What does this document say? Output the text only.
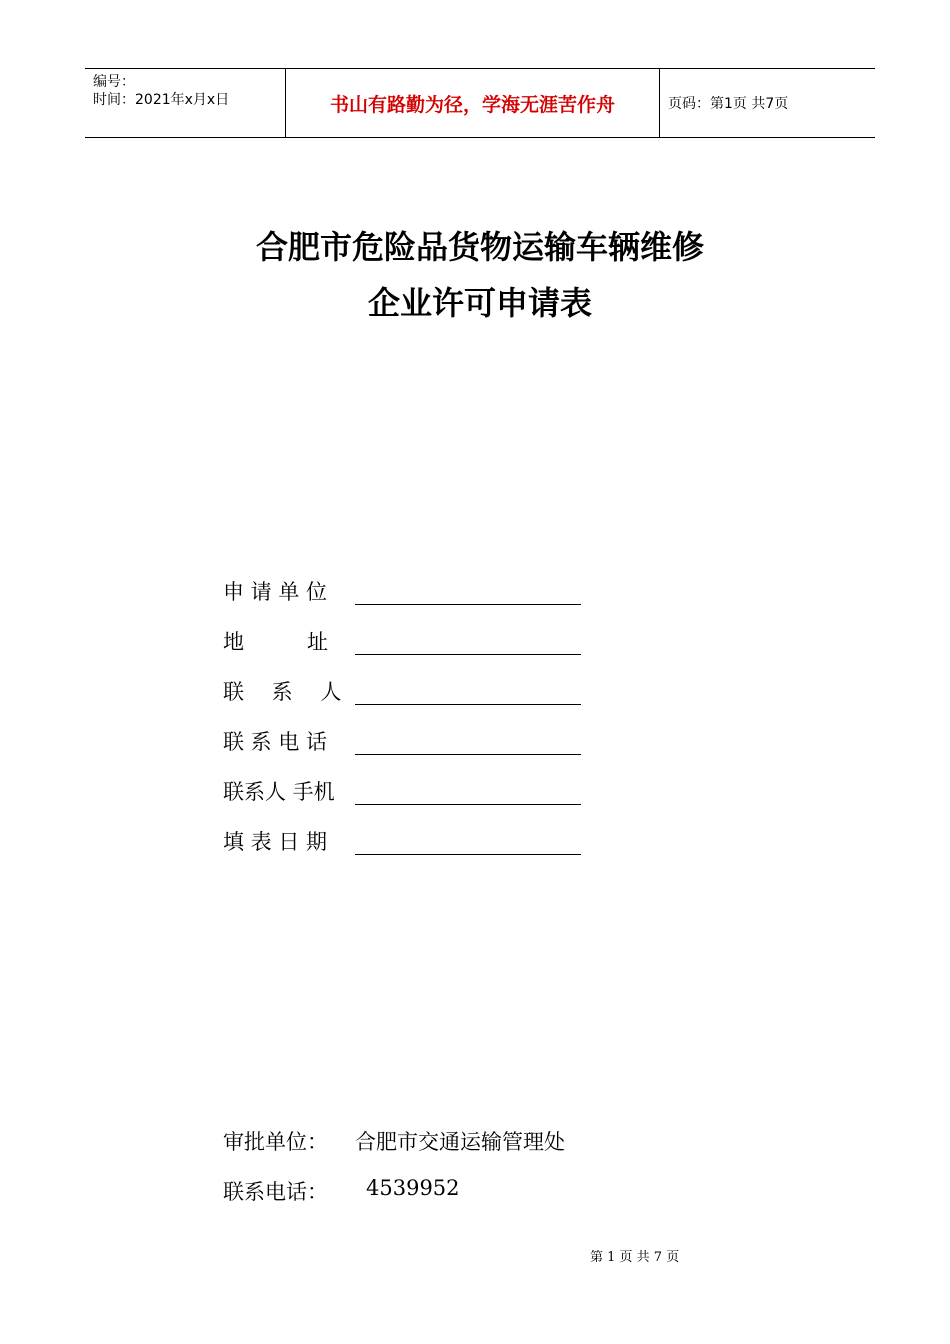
编号：
时间：2021年x月x日	书山有路勤为径，学海无涯苦作舟	页码：第1页 共7页
合肥市危险品货物运输车辆维修
企业许可申请表
申 请 单 位
地　　　址
联　 系　 人
联 系 电 话
联系人 手机
填 表 日 期
审批单位： 合肥市交通运输管理处
联系电话： 4539952
第 1 页 共 7 页
